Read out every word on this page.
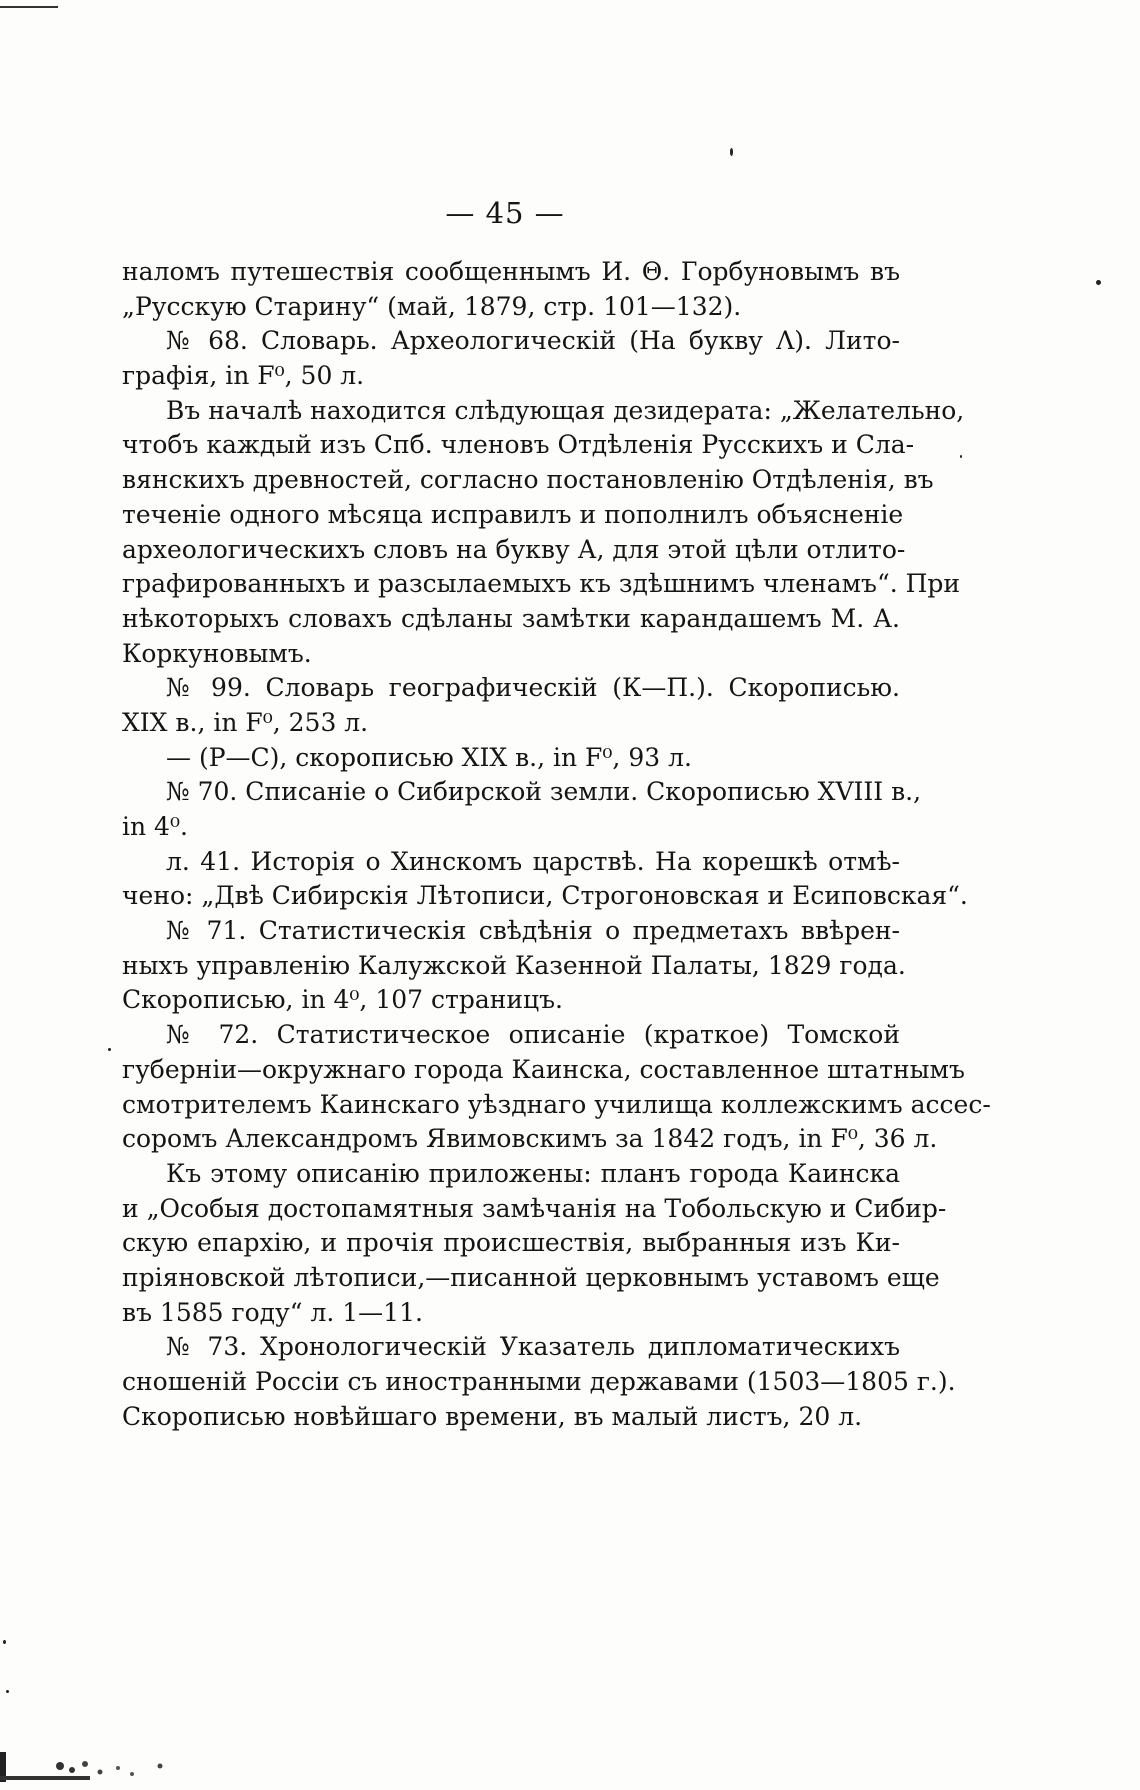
— 45 —
наломъ путешествія сообщеннымъ И. Θ. Горбуновымъ въ
„Русскую Старину“ (май, 1879, стр. 101—132).
№ 68. Словарь. Археологическій (На букву Λ). Лито-
графія, in F⁰, 50 л.
Въ началѣ находится слѣдующая дезидерата: „Желательно,
чтобъ каждый изъ Спб. членовъ Отдѣленія Русскихъ и Сла-
вянскихъ древностей, согласно постановленію Отдѣленія, въ
теченіе одного мѣсяца исправилъ и пополнилъ объясненіе
археологическихъ словъ на букву А, для этой цѣли отлито-
графированныхъ и разсылаемыхъ къ здѣшнимъ членамъ“. При
нѣкоторыхъ словахъ сдѣланы замѣтки карандашемъ М. А.
Коркуновымъ.
№ 99. Словарь географическій (К—П.). Скорописью.
XIX в., in F⁰, 253 л.
— (Р—С), скорописью XIX в., in F⁰, 93 л.
№ 70. Списаніе о Сибирской земли. Скорописью XVIII в.,
in 4⁰.
л. 41. Исторія о Хинскомъ царствѣ. На корешкѣ отмѣ-
чено: „Двѣ Сибирскія Лѣтописи, Строгоновская и Есиповская“.
№ 71. Статистическія свѣдѣнія о предметахъ ввѣрен-
ныхъ управленію Калужской Казенной Палаты, 1829 года.
Скорописью, in 4⁰, 107 страницъ.
№ 72. Статистическое описаніе (краткое) Томской
губерніи—окружнаго города Каинска, составленное штатнымъ
смотрителемъ Каинскаго уѣзднаго училища коллежскимъ ассес-
соромъ Александромъ Явимовскимъ за 1842 годъ, in F⁰, 36 л.
Къ этому описанію приложены: планъ города Каинска
и „Особыя достопамятныя замѣчанія на Тобольскую и Сибир-
скую епархію, и прочія происшествія, выбранныя изъ Ки-
пріяновской лѣтописи,—писанной церковнымъ уставомъ еще
въ 1585 году“ л. 1—11.
№ 73. Хронологическій Указатель дипломатическихъ
сношеній Россіи съ иностранными державами (1503—1805 г.).
Скорописью новѣйшаго времени, въ малый листъ, 20 л.
